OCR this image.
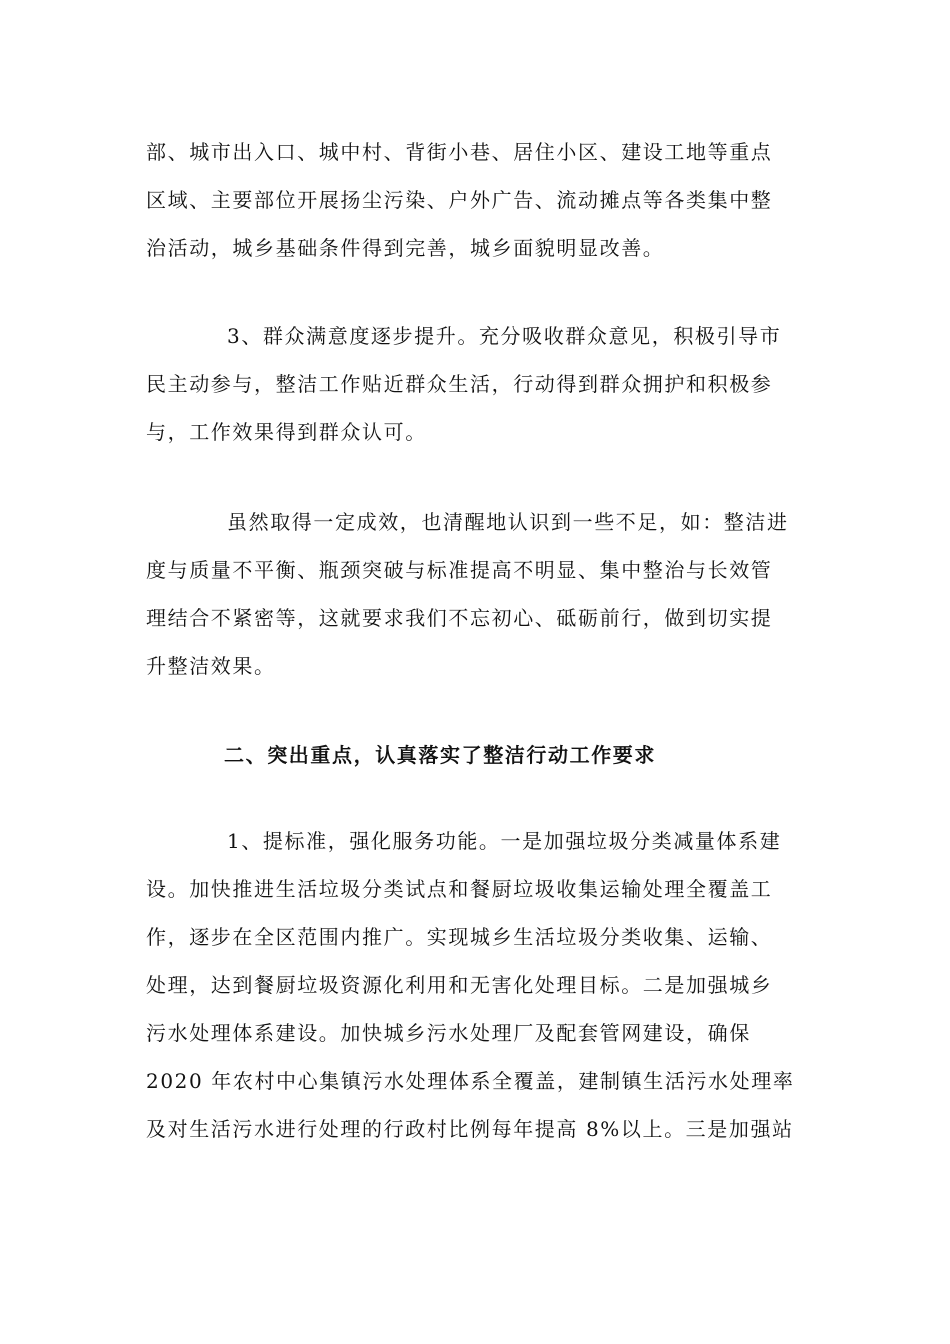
部、城市出入口、城中村、背街小巷、居住小区、建设工地等重点
区域、主要部位开展扬尘污染、户外广告、流动摊点等各类集中整
治活动，城乡基础条件得到完善，城乡面貌明显改善。
3、群众满意度逐步提升。充分吸收群众意见，积极引导市
民主动参与，整洁工作贴近群众生活，行动得到群众拥护和积极参
与，工作效果得到群众认可。
虽然取得一定成效，也清醒地认识到一些不足，如：整洁进
度与质量不平衡、瓶颈突破与标准提高不明显、集中整治与长效管
理结合不紧密等，这就要求我们不忘初心、砥砺前行，做到切实提
升整洁效果。
二、突出重点，认真落实了整洁行动工作要求
1、提标准，强化服务功能。一是加强垃圾分类减量体系建
设。加快推进生活垃圾分类试点和餐厨垃圾收集运输处理全覆盖工
作，逐步在全区范围内推广。实现城乡生活垃圾分类收集、运输、
处理，达到餐厨垃圾资源化利用和无害化处理目标。二是加强城乡
污水处理体系建设。加快城乡污水处理厂及配套管网建设，确保
2020 年农村中心集镇污水处理体系全覆盖，建制镇生活污水处理率
及对生活污水进行处理的行政村比例每年提高 8%以上。三是加强站
